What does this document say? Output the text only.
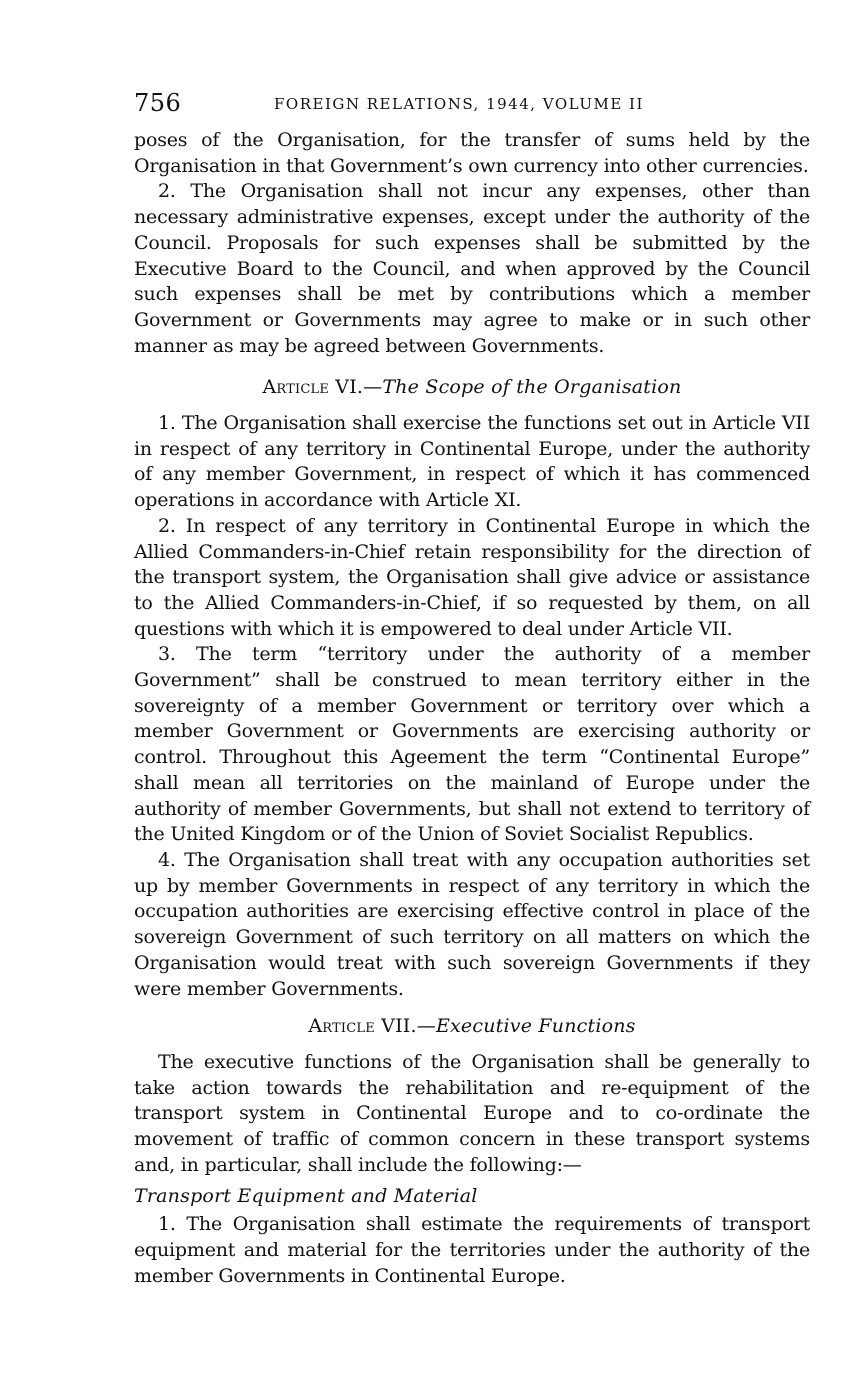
756	FOREIGN RELATIONS, 1944, VOLUME II

poses of the Organisation, for the transfer of sums held by the Organisation in that Government’s own currency into other currencies.

2. The Organisation shall not incur any expenses, other than necessary administrative expenses, except under the authority of the Council. Proposals for such expenses shall be submitted by the Executive Board to the Council, and when approved by the Council such expenses shall be met by contributions which a member Government or Governments may agree to make or in such other manner as may be agreed between Governments.

Article VI.—The Scope of the Organisation

1. The Organisation shall exercise the functions set out in Article VII in respect of any territory in Continental Europe, under the authority of any member Government, in respect of which it has commenced operations in accordance with Article XI.

2. In respect of any territory in Continental Europe in which the Allied Commanders-in-Chief retain responsibility for the direction of the transport system, the Organisation shall give advice or assistance to the Allied Commanders-in-Chief, if so requested by them, on all questions with which it is empowered to deal under Article VII.

3. The term “territory under the authority of a member Government” shall be construed to mean territory either in the sovereignty of a member Government or territory over which a member Government or Governments are exercising authority or control. Throughout this Ageement the term “Continental Europe” shall mean all territories on the mainland of Europe under the authority of member Governments, but shall not extend to territory of the United Kingdom or of the Union of Soviet Socialist Republics.

4. The Organisation shall treat with any occupation authorities set up by member Governments in respect of any territory in which the occupation authorities are exercising effective control in place of the sovereign Government of such territory on all matters on which the Organisation would treat with such sovereign Governments if they were member Governments.

Article VII.—Executive Functions

The executive functions of the Organisation shall be generally to take action towards the rehabilitation and re-equipment of the transport system in Continental Europe and to co-ordinate the movement of traffic of common concern in these transport systems and, in particular, shall include the following:—

Transport Equipment and Material

1. The Organisation shall estimate the requirements of transport equipment and material for the territories under the authority of the member Governments in Continental Europe.
